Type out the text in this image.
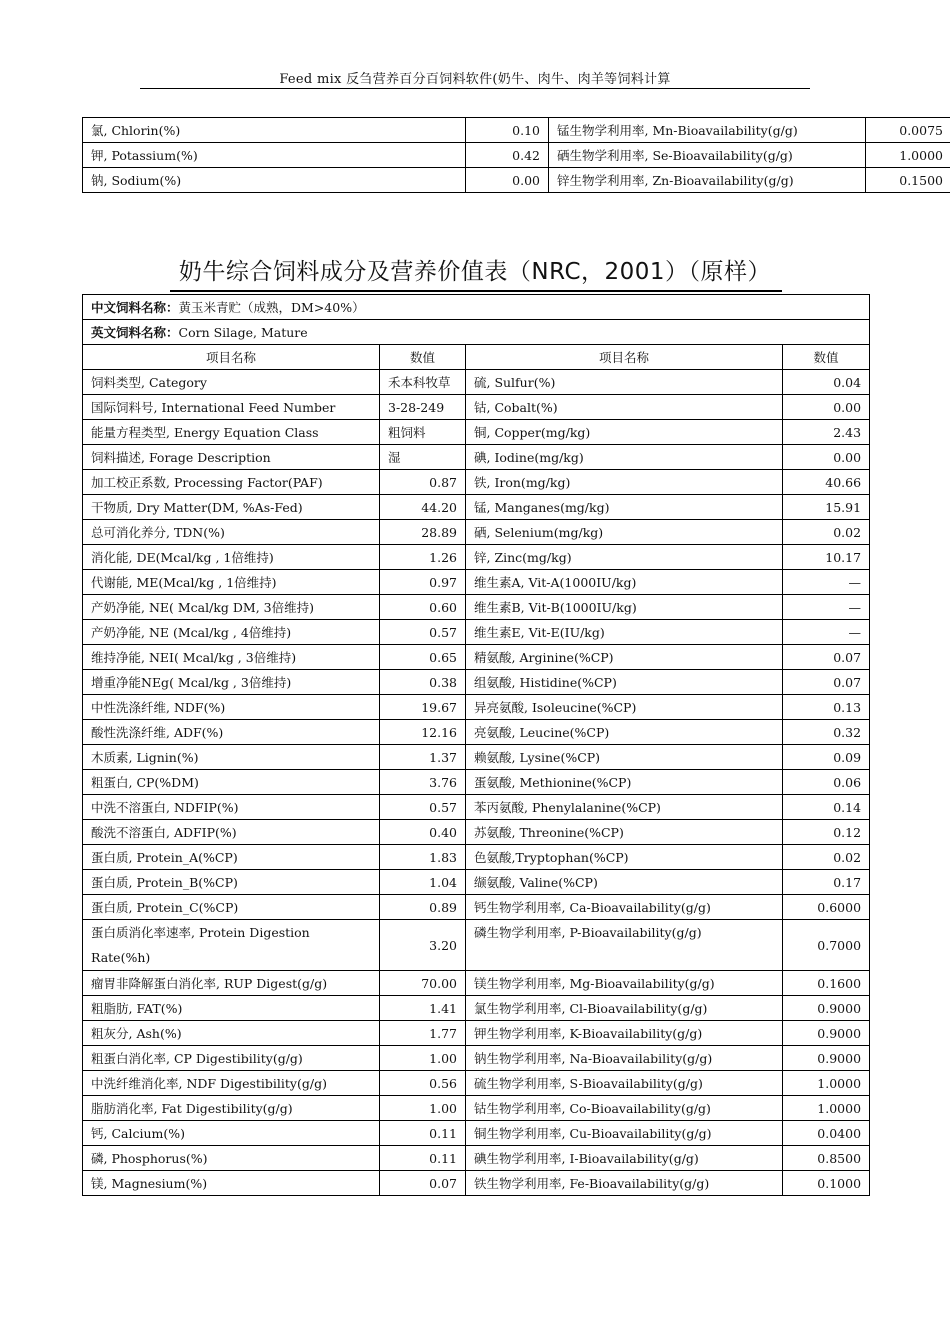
Feed mix 反刍营养百分百饲料软件(奶牛、肉牛、肉羊等饲料计算
氯, Chlorin(%)	0.10	锰生物学利用率, Mn-Bioavailability(g/g)	0.0075
钾, Potassium(%)	0.42	硒生物学利用率, Se-Bioavailability(g/g)	1.0000
钠, Sodium(%)	0.00	锌生物学利用率, Zn-Bioavailability(g/g)	0.1500
奶牛综合饲料成分及营养价值表（NRC，2001）（原样）
中文饲料名称：黄玉米青贮（成熟，DM>40%）			
英文饲料名称：Corn Silage, Mature			
项目名称	数值	项目名称	数值
饲料类型, Category	禾本科牧草	硫, Sulfur(%)	0.04
国际饲料号, International Feed Number	3-28-249	钴, Cobalt(%)	0.00
能量方程类型, Energy Equation Class	粗饲料	铜, Copper(mg/kg)	2.43
饲料描述, Forage Description	湿	碘, Iodine(mg/kg)	0.00
加工校正系数, Processing Factor(PAF)	0.87	铁, Iron(mg/kg)	40.66
干物质, Dry Matter(DM, %As-Fed)	44.20	锰, Manganes(mg/kg)	15.91
总可消化养分, TDN(%)	28.89	硒, Selenium(mg/kg)	0.02
消化能, DE(Mcal/kg , 1倍维持)	1.26	锌, Zinc(mg/kg)	10.17
代谢能, ME(Mcal/kg , 1倍维持)	0.97	维生素A, Vit-A(1000IU/kg)	—
产奶净能, NE( Mcal/kg DM, 3倍维持)	0.60	维生素B, Vit-B(1000IU/kg)	—
产奶净能, NE (Mcal/kg , 4倍维持)	0.57	维生素E, Vit-E(IU/kg)	—
维持净能, NEI( Mcal/kg , 3倍维持)	0.65	精氨酸, Arginine(%CP)	0.07
增重净能NEg( Mcal/kg , 3倍维持)	0.38	组氨酸, Histidine(%CP)	0.07
中性洗涤纤维, NDF(%)	19.67	异亮氨酸, Isoleucine(%CP)	0.13
酸性洗涤纤维, ADF(%)	12.16	亮氨酸, Leucine(%CP)	0.32
木质素, Lignin(%)	1.37	赖氨酸, Lysine(%CP)	0.09
粗蛋白, CP(%DM)	3.76	蛋氨酸, Methionine(%CP)	0.06
中洗不溶蛋白, NDFIP(%)	0.57	苯丙氨酸, Phenylalanine(%CP)	0.14
酸洗不溶蛋白, ADFIP(%)	0.40	苏氨酸, Threonine(%CP)	0.12
蛋白质, Protein_A(%CP)	1.83	色氨酸,Tryptophan(%CP)	0.02
蛋白质, Protein_B(%CP)	1.04	缬氨酸, Valine(%CP)	0.17
蛋白质, Protein_C(%CP)	0.89	钙生物学利用率, Ca-Bioavailability(g/g)	0.6000
蛋白质消化率速率, Protein Digestion Rate(%h)	3.20	磷生物学利用率, P-Bioavailability(g/g)	0.7000
瘤胃非降解蛋白消化率, RUP Digest(g/g)	70.00	镁生物学利用率, Mg-Bioavailability(g/g)	0.1600
粗脂肪, FAT(%)	1.41	氯生物学利用率, Cl-Bioavailability(g/g)	0.9000
粗灰分, Ash(%)	1.77	钾生物学利用率, K-Bioavailability(g/g)	0.9000
粗蛋白消化率, CP Digestibility(g/g)	1.00	钠生物学利用率, Na-Bioavailability(g/g)	0.9000
中洗纤维消化率, NDF Digestibility(g/g)	0.56	硫生物学利用率, S-Bioavailability(g/g)	1.0000
脂肪消化率, Fat Digestibility(g/g)	1.00	钴生物学利用率, Co-Bioavailability(g/g)	1.0000
钙, Calcium(%)	0.11	铜生物学利用率, Cu-Bioavailability(g/g)	0.0400
磷, Phosphorus(%)	0.11	碘生物学利用率, I-Bioavailability(g/g)	0.8500
镁, Magnesium(%)	0.07	铁生物学利用率, Fe-Bioavailability(g/g)	0.1000
